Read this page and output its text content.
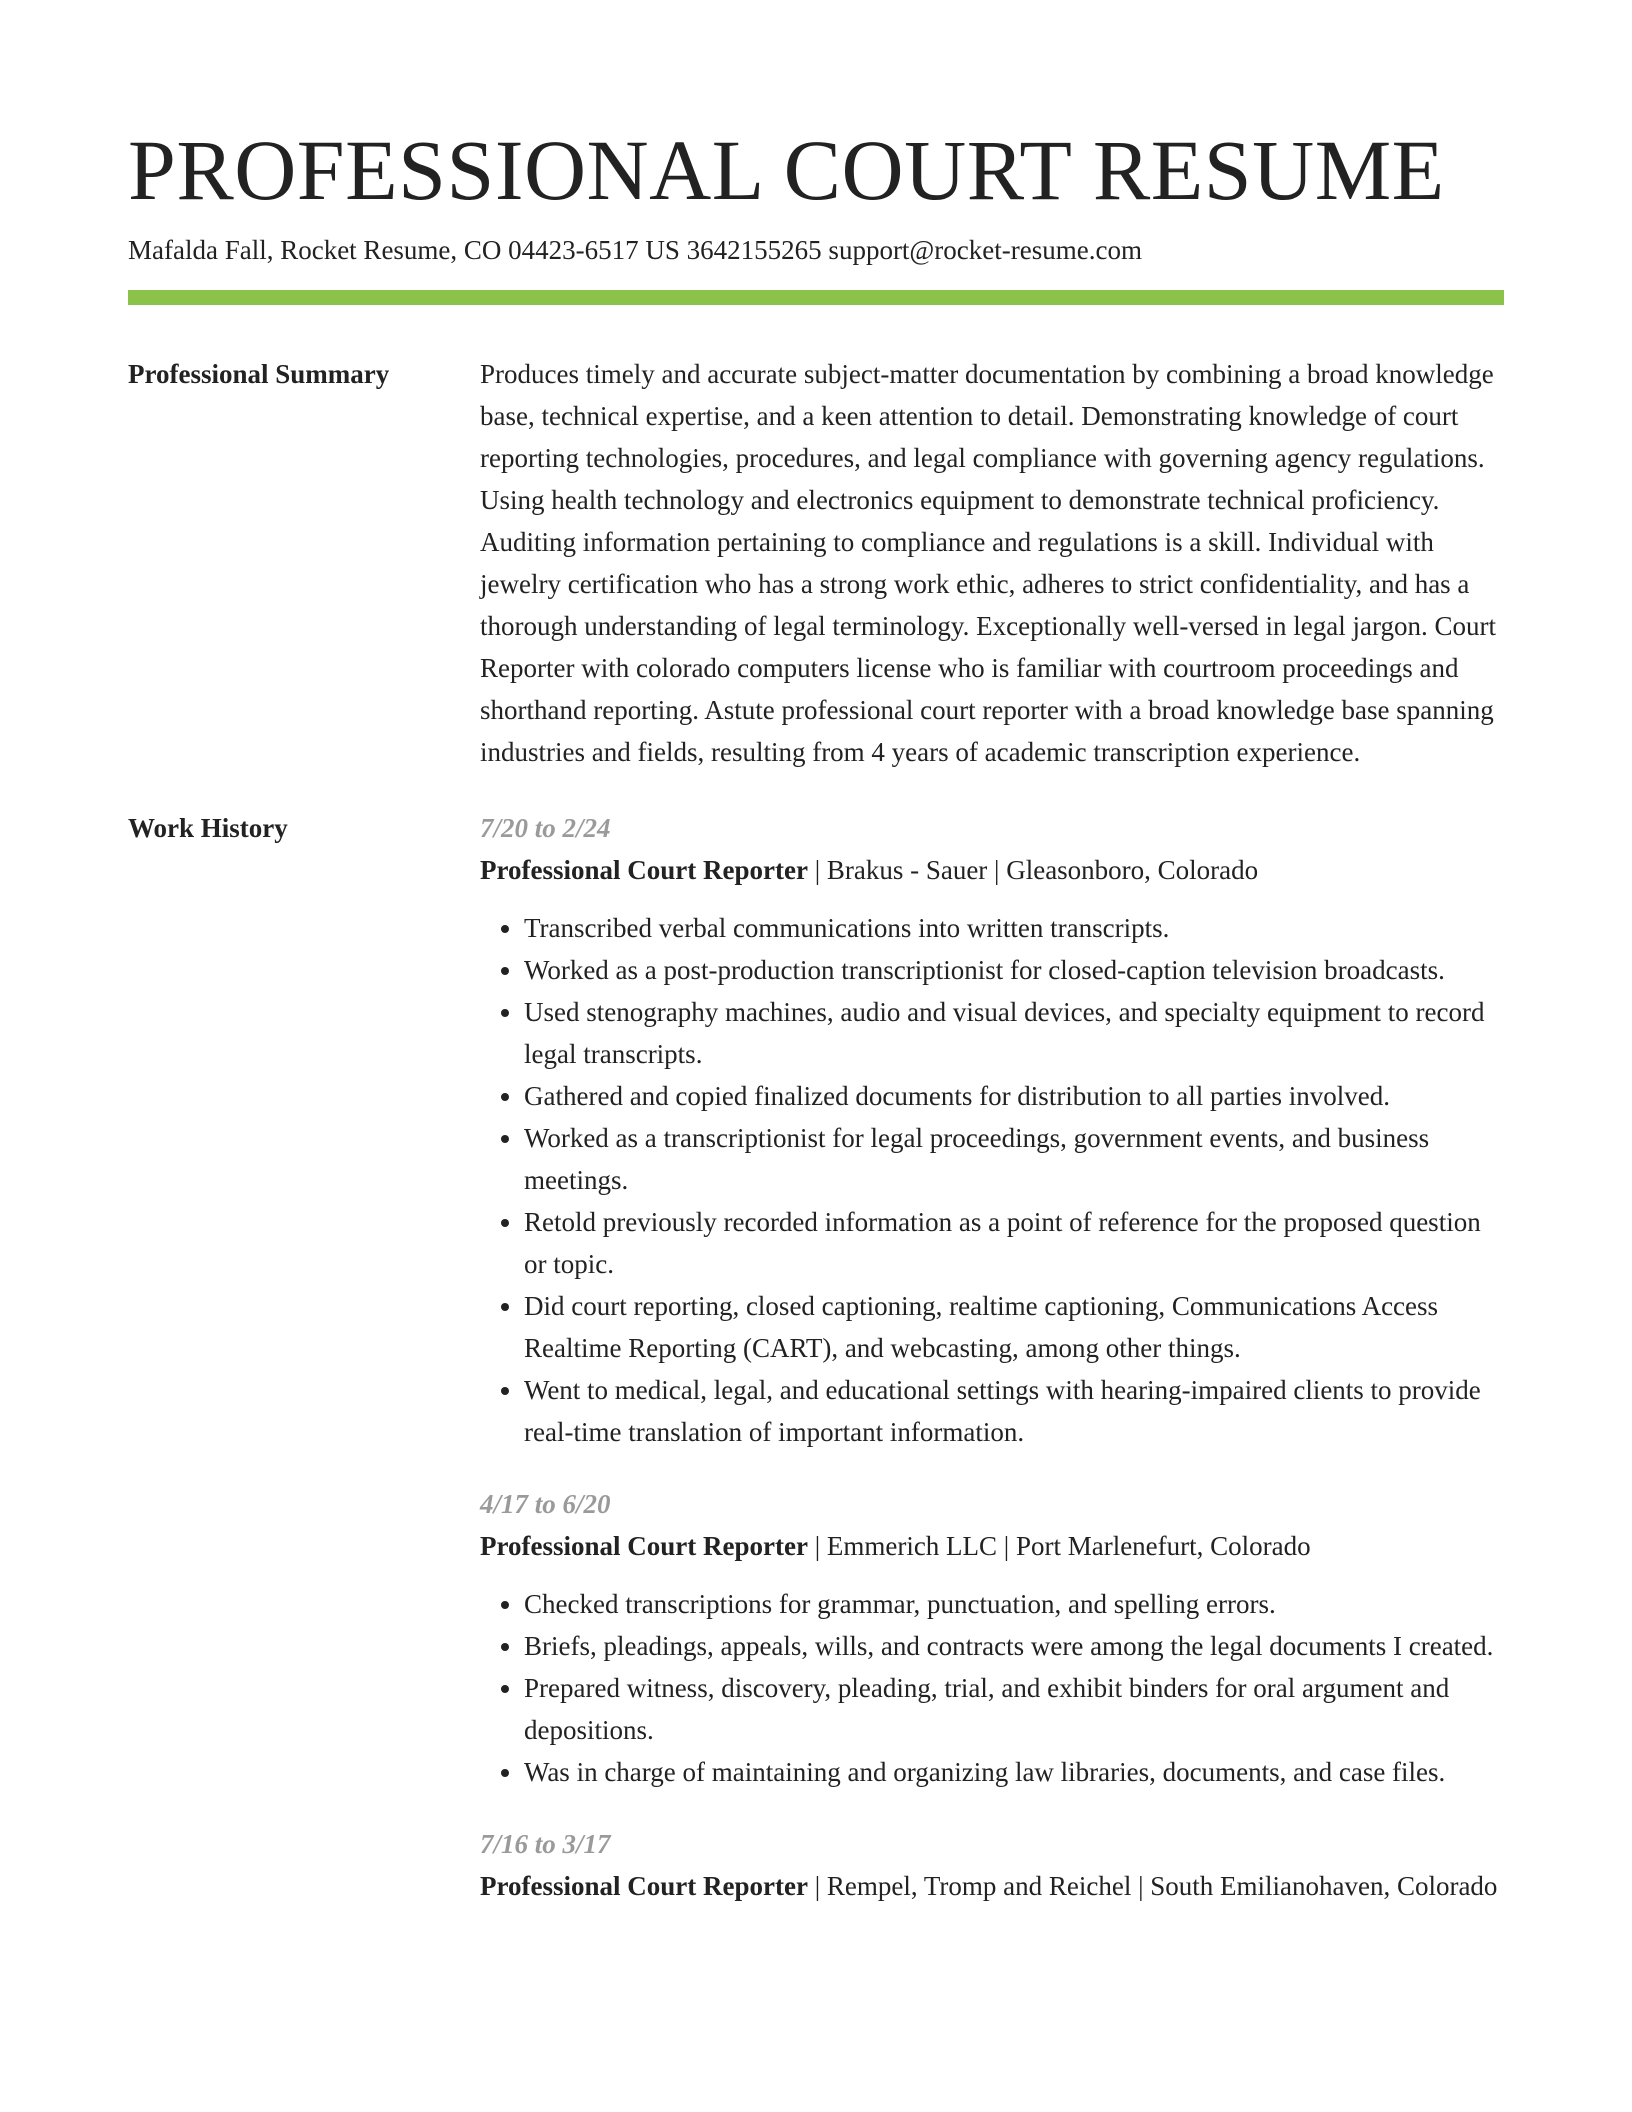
PROFESSIONAL COURT RESUME
Mafalda Fall, Rocket Resume, CO 04423-6517 US 3642155265 support@rocket-resume.com
Professional Summary	Produces timely and accurate subject-matter documentation by combining a broad knowledge base, technical expertise, and a keen attention to detail. Demonstrating knowledge of court reporting technologies, procedures, and legal compliance with governing agency regulations. Using health technology and electronics equipment to demonstrate technical proficiency. Auditing information pertaining to compliance and regulations is a skill. Individual with jewelry certification who has a strong work ethic, adheres to strict confidentiality, and has a thorough understanding of legal terminology. Exceptionally well-versed in legal jargon. Court Reporter with colorado computers license who is familiar with courtroom proceedings and shorthand reporting. Astute professional court reporter with a broad knowledge base spanning industries and fields, resulting from 4 years of academic transcription experience.

Work History	7/20 to 2/24
Professional Court Reporter | Brakus - Sauer | Gleasonboro, Colorado
• Transcribed verbal communications into written transcripts.
• Worked as a post-production transcriptionist for closed-caption television broadcasts.
• Used stenography machines, audio and visual devices, and specialty equipment to record legal transcripts.
• Gathered and copied finalized documents for distribution to all parties involved.
• Worked as a transcriptionist for legal proceedings, government events, and business meetings.
• Retold previously recorded information as a point of reference for the proposed question or topic.
• Did court reporting, closed captioning, realtime captioning, Communications Access Realtime Reporting (CART), and webcasting, among other things.
• Went to medical, legal, and educational settings with hearing-impaired clients to provide real-time translation of important information.
4/17 to 6/20
Professional Court Reporter | Emmerich LLC | Port Marlenefurt, Colorado
• Checked transcriptions for grammar, punctuation, and spelling errors.
• Briefs, pleadings, appeals, wills, and contracts were among the legal documents I created.
• Prepared witness, discovery, pleading, trial, and exhibit binders for oral argument and depositions.
• Was in charge of maintaining and organizing law libraries, documents, and case files.
7/16 to 3/17
Professional Court Reporter | Rempel, Tromp and Reichel | South Emilianohaven, Colorado
